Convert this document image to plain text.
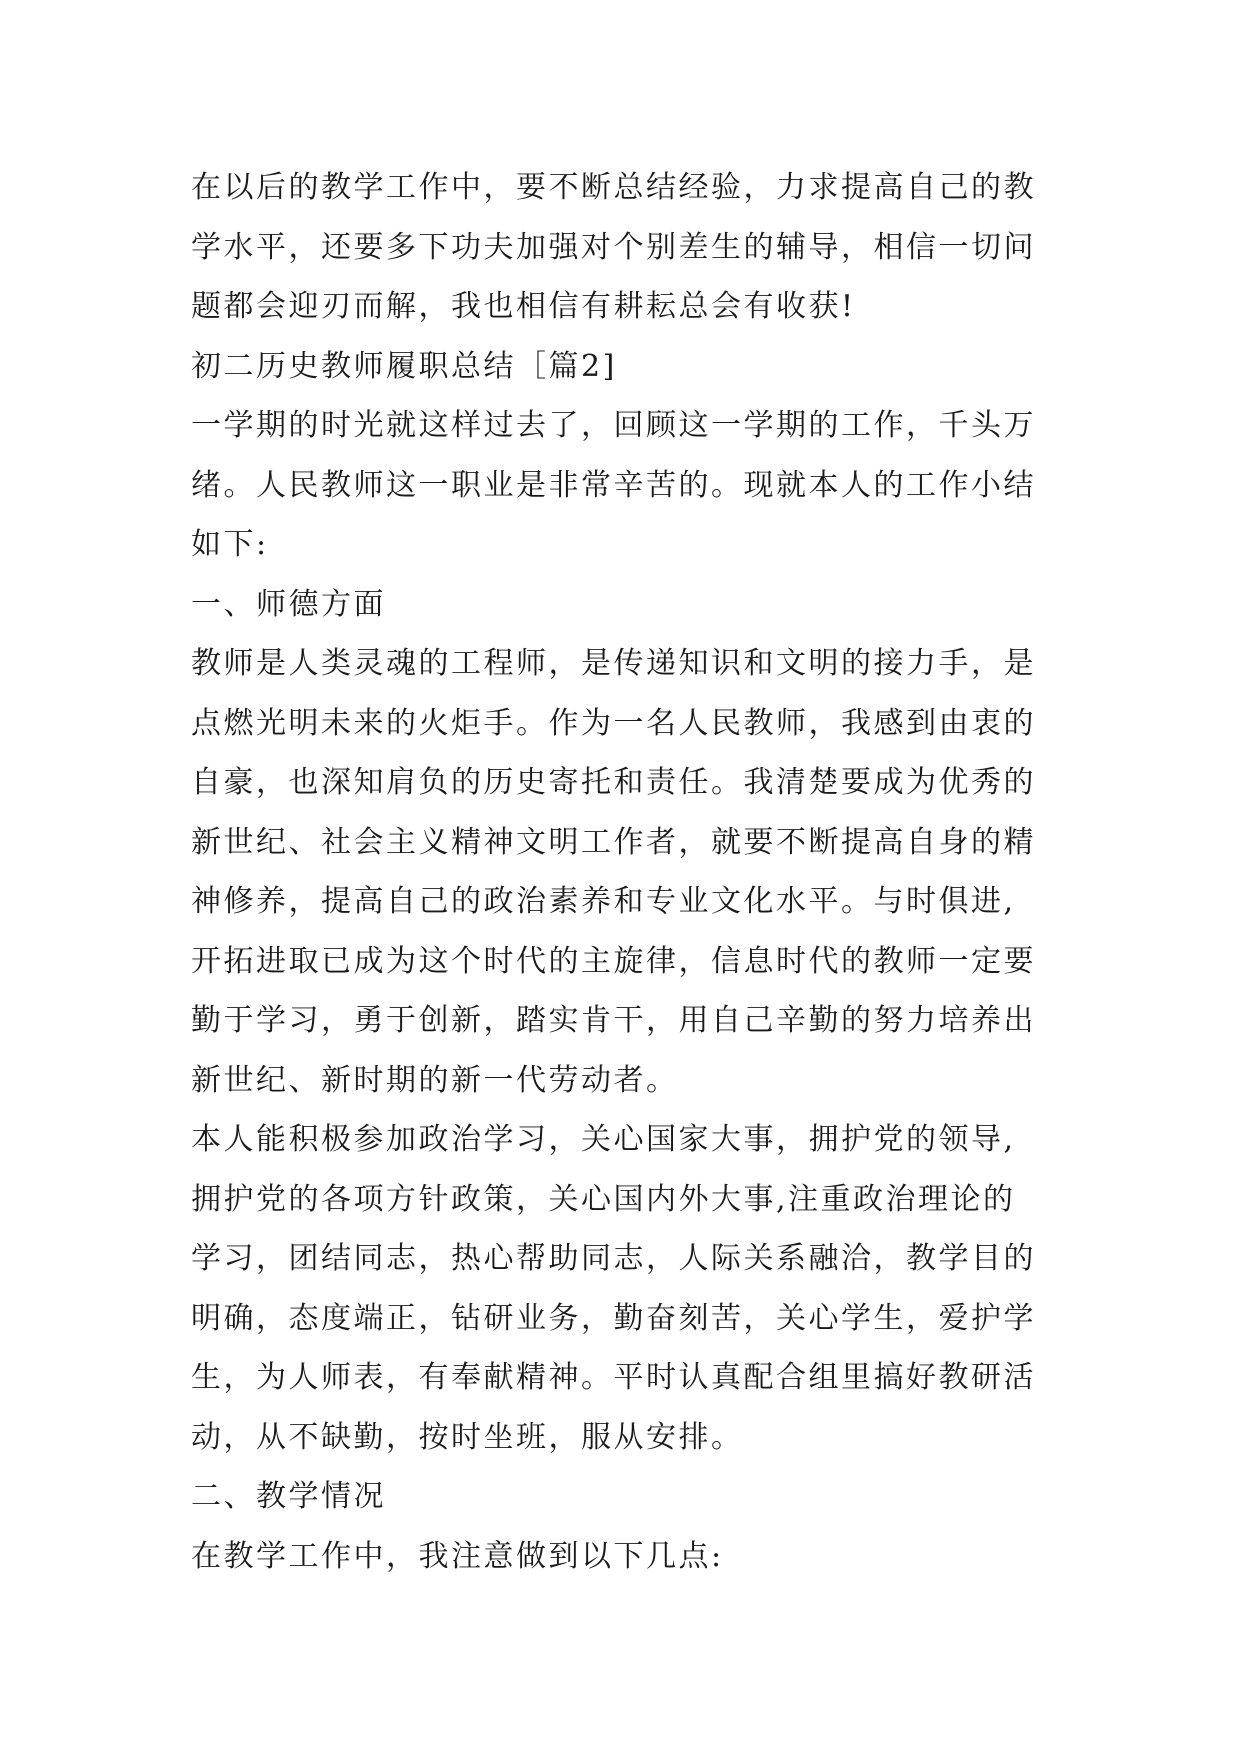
在以后的教学工作中，要不断总结经验，力求提高自己的教
学水平，还要多下功夫加强对个别差生的辅导，相信一切问
题都会迎刃而解，我也相信有耕耘总会有收获!
初二历史教师履职总结［篇2]
一学期的时光就这样过去了，回顾这一学期的工作，千头万
绪。人民教师这一职业是非常辛苦的。现就本人的工作小结
如下:
一、师德方面
教师是人类灵魂的工程师，是传递知识和文明的接力手，是
点燃光明未来的火炬手。作为一名人民教师，我感到由衷的
自豪，也深知肩负的历史寄托和责任。我清楚要成为优秀的
新世纪、社会主义精神文明工作者，就要不断提高自身的精
神修养，提高自己的政治素养和专业文化水平。与时俱进,
开拓进取已成为这个时代的主旋律，信息时代的教师一定要
勤于学习，勇于创新，踏实肯干，用自己辛勤的努力培养出
新世纪、新时期的新一代劳动者。
本人能积极参加政治学习，关心国家大事，拥护党的领导,
拥护党的各项方针政策，关心国内外大事,注重政治理论的
学习，团结同志，热心帮助同志，人际关系融洽，教学目的
明确，态度端正，钻研业务，勤奋刻苦，关心学生，爱护学
生，为人师表，有奉献精神。平时认真配合组里搞好教研活
动，从不缺勤，按时坐班，服从安排。
二、教学情况
在教学工作中，我注意做到以下几点:
